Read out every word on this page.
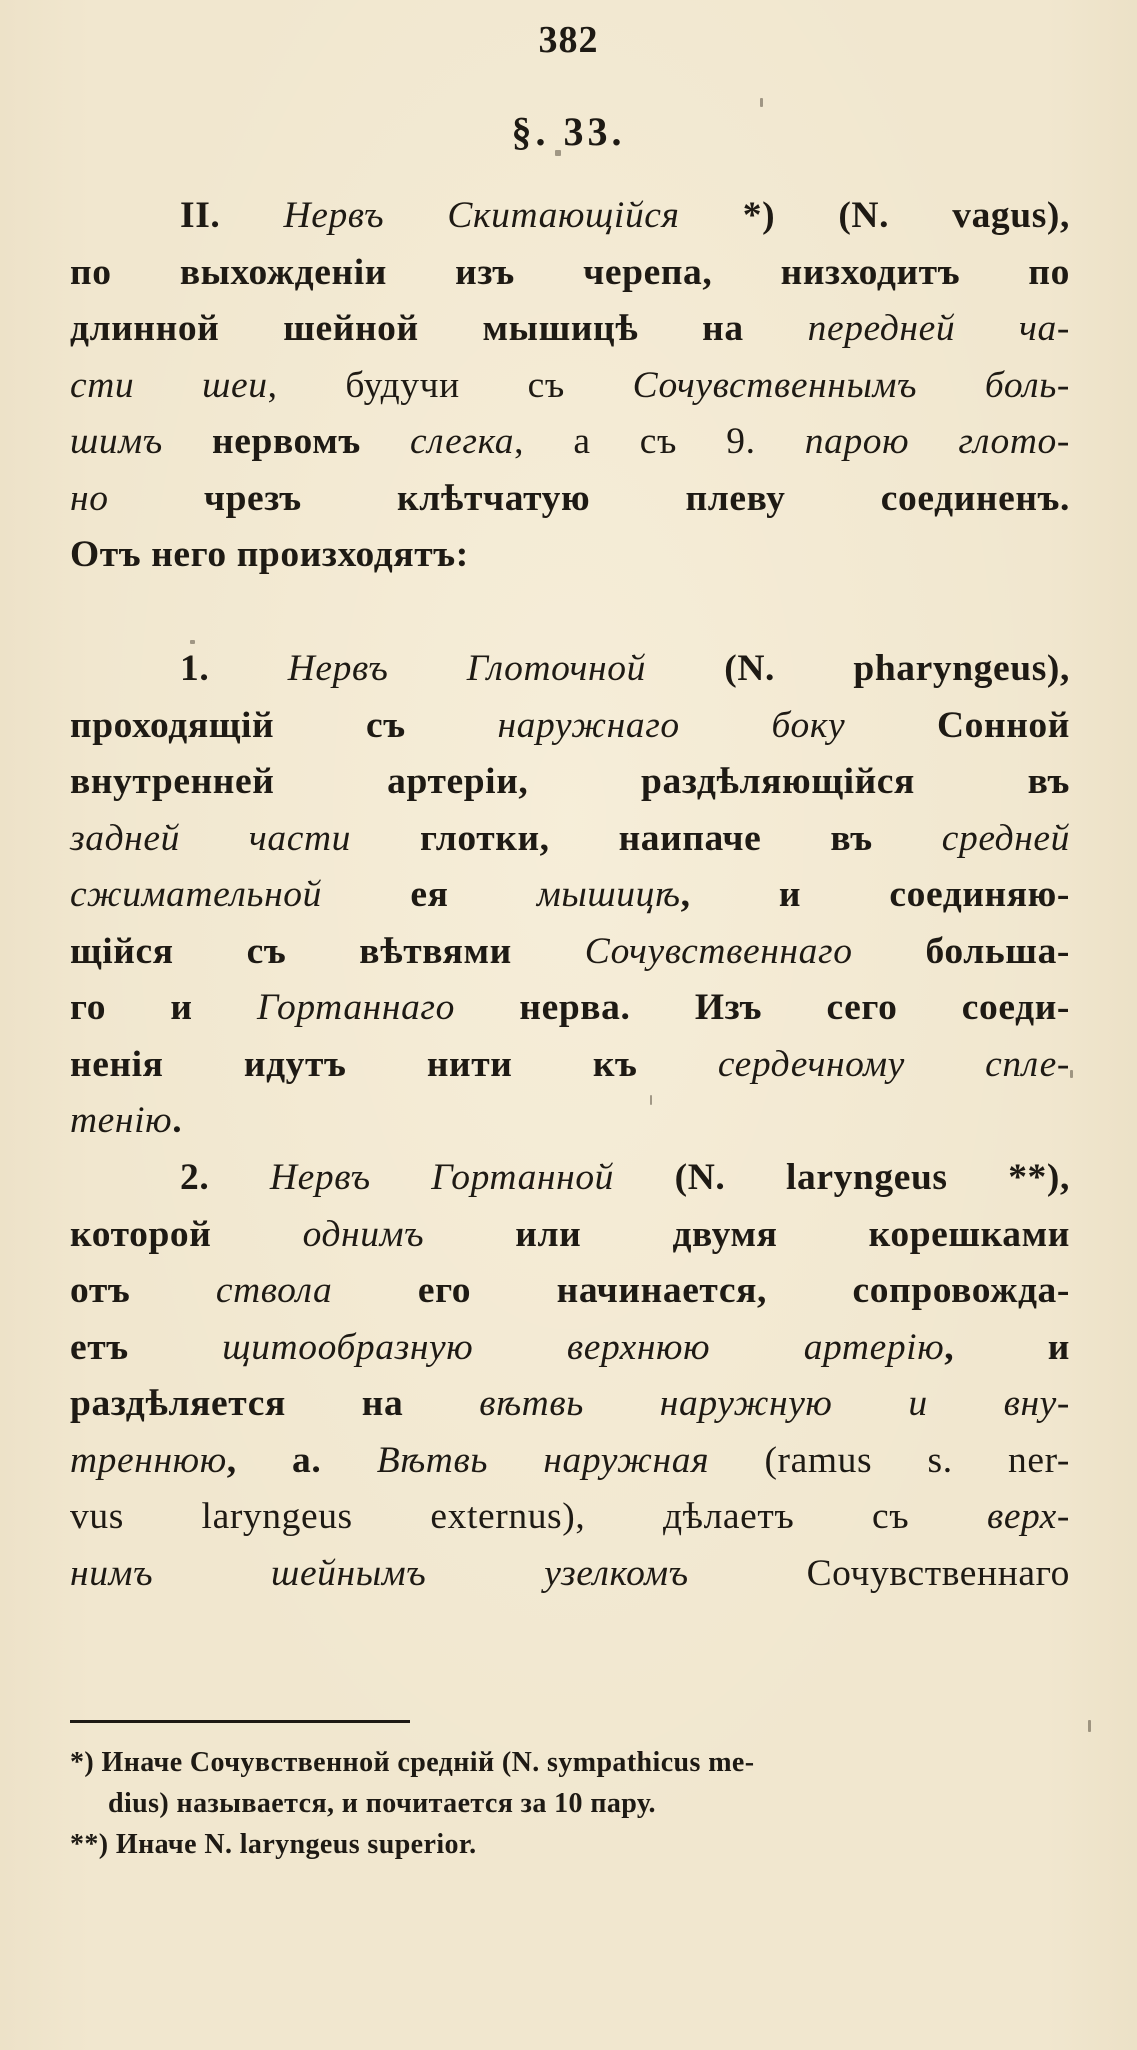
382
§. 33.
II. Нервъ Скитающійся *) (N. vagus),
по выхожденіи изъ черепа, низходитъ по
длинной шейной мышицѣ на передней ча-
сти шеи, будучи съ Сочувственнымъ боль-
шимъ нервомъ слегка, а съ 9. парою глото-
но чрезъ клѣтчатую плеву соединенъ.
Отъ него произходятъ:
1. Нервъ Глоточной (N. pharyngeus),
проходящій съ наружнаго боку Сонной
внутренней артеріи, раздѣляющійся въ
задней части глотки, наипаче въ средней
сжимательной ея мышицѣ, и соединяю-
щійся съ вѣтвями Сочувственнаго больша-
го и Гортаннаго нерва. Изъ сего соеди-
ненія идутъ нити къ сердечному спле-
тенію.
2. Нервъ Гортанной (N. laryngeus **),
которой однимъ или двумя корешками
отъ ствола его начинается, сопровожда-
етъ щитообразную верхнюю артерію, и
раздѣляется на вѣтвь наружную и вну-
треннюю, а. Вѣтвь наружная (ramus s. ner-
vus laryngeus externus), дѣлаетъ съ верх-
нимъ шейнымъ узелкомъ Сочувственнаго

*) Иначе Сочувственной средній (N. sympathicus me-

dius) называется, и почитается за 10 пару.

**) Иначе N. laryngeus superior.
